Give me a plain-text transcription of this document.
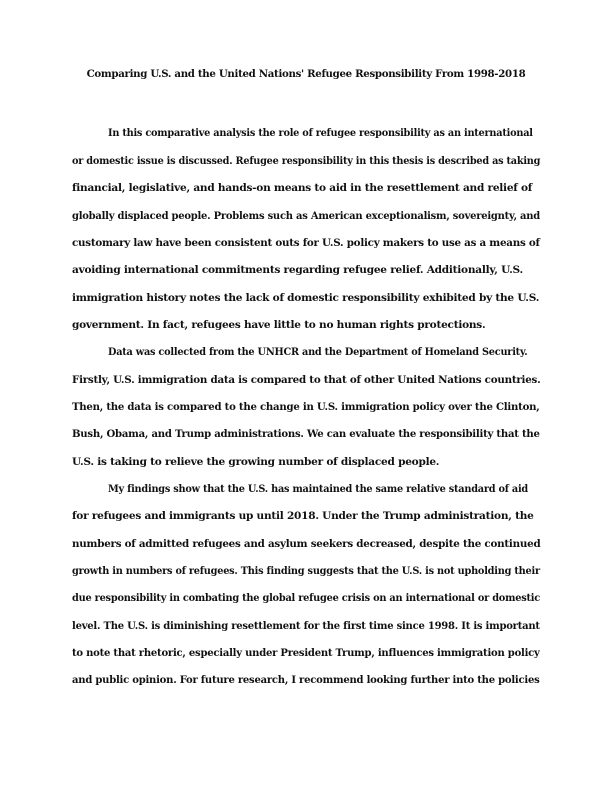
Comparing U.S. and the United Nations' Refugee Responsibility From 1998-2018
In this comparative analysis the role of refugee responsibility as an international
or domestic issue is discussed. Refugee responsibility in this thesis is described as taking
financial, legislative, and hands-on means to aid in the resettlement and relief of
globally displaced people. Problems such as American exceptionalism, sovereignty, and
customary law have been consistent outs for U.S. policy makers to use as a means of
avoiding international commitments regarding refugee relief. Additionally, U.S.
immigration history notes the lack of domestic responsibility exhibited by the U.S.
government. In fact, refugees have little to no human rights protections.
Data was collected from the UNHCR and the Department of Homeland Security.
Firstly, U.S. immigration data is compared to that of other United Nations countries.
Then, the data is compared to the change in U.S. immigration policy over the Clinton,
Bush, Obama, and Trump administrations. We can evaluate the responsibility that the
U.S. is taking to relieve the growing number of displaced people.
My findings show that the U.S. has maintained the same relative standard of aid
for refugees and immigrants up until 2018. Under the Trump administration, the
numbers of admitted refugees and asylum seekers decreased, despite the continued
growth in numbers of refugees. This finding suggests that the U.S. is not upholding their
due responsibility in combating the global refugee crisis on an international or domestic
level. The U.S. is diminishing resettlement for the first time since 1998. It is important
to note that rhetoric, especially under President Trump, influences immigration policy
and public opinion. For future research, I recommend looking further into the policies
